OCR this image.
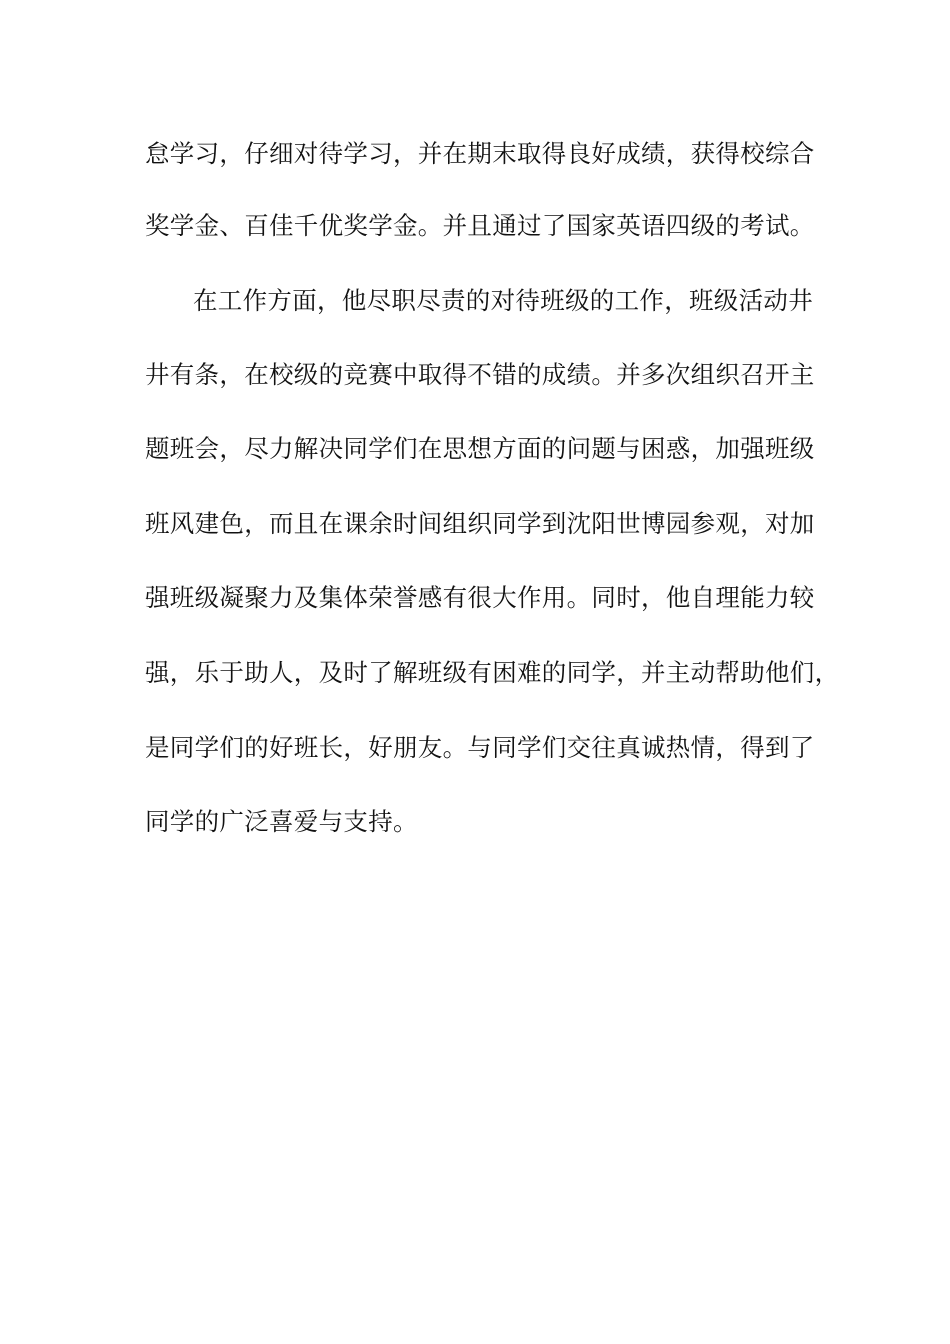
怠学习，仔细对待学习，并在期末取得良好成绩，获得校综合

奖学金、百佳千优奖学金。并且通过了国家英语四级的考试。

在工作方面，他尽职尽责的对待班级的工作，班级活动井

井有条，在校级的竞赛中取得不错的成绩。并多次组织召开主

题班会，尽力解决同学们在思想方面的问题与困惑，加强班级

班风建色，而且在课余时间组织同学到沈阳世博园参观，对加

强班级凝聚力及集体荣誉感有很大作用。同时，他自理能力较

强，乐于助人，及时了解班级有困难的同学，并主动帮助他们，

是同学们的好班长，好朋友。与同学们交往真诚热情，得到了

同学的广泛喜爱与支持。
